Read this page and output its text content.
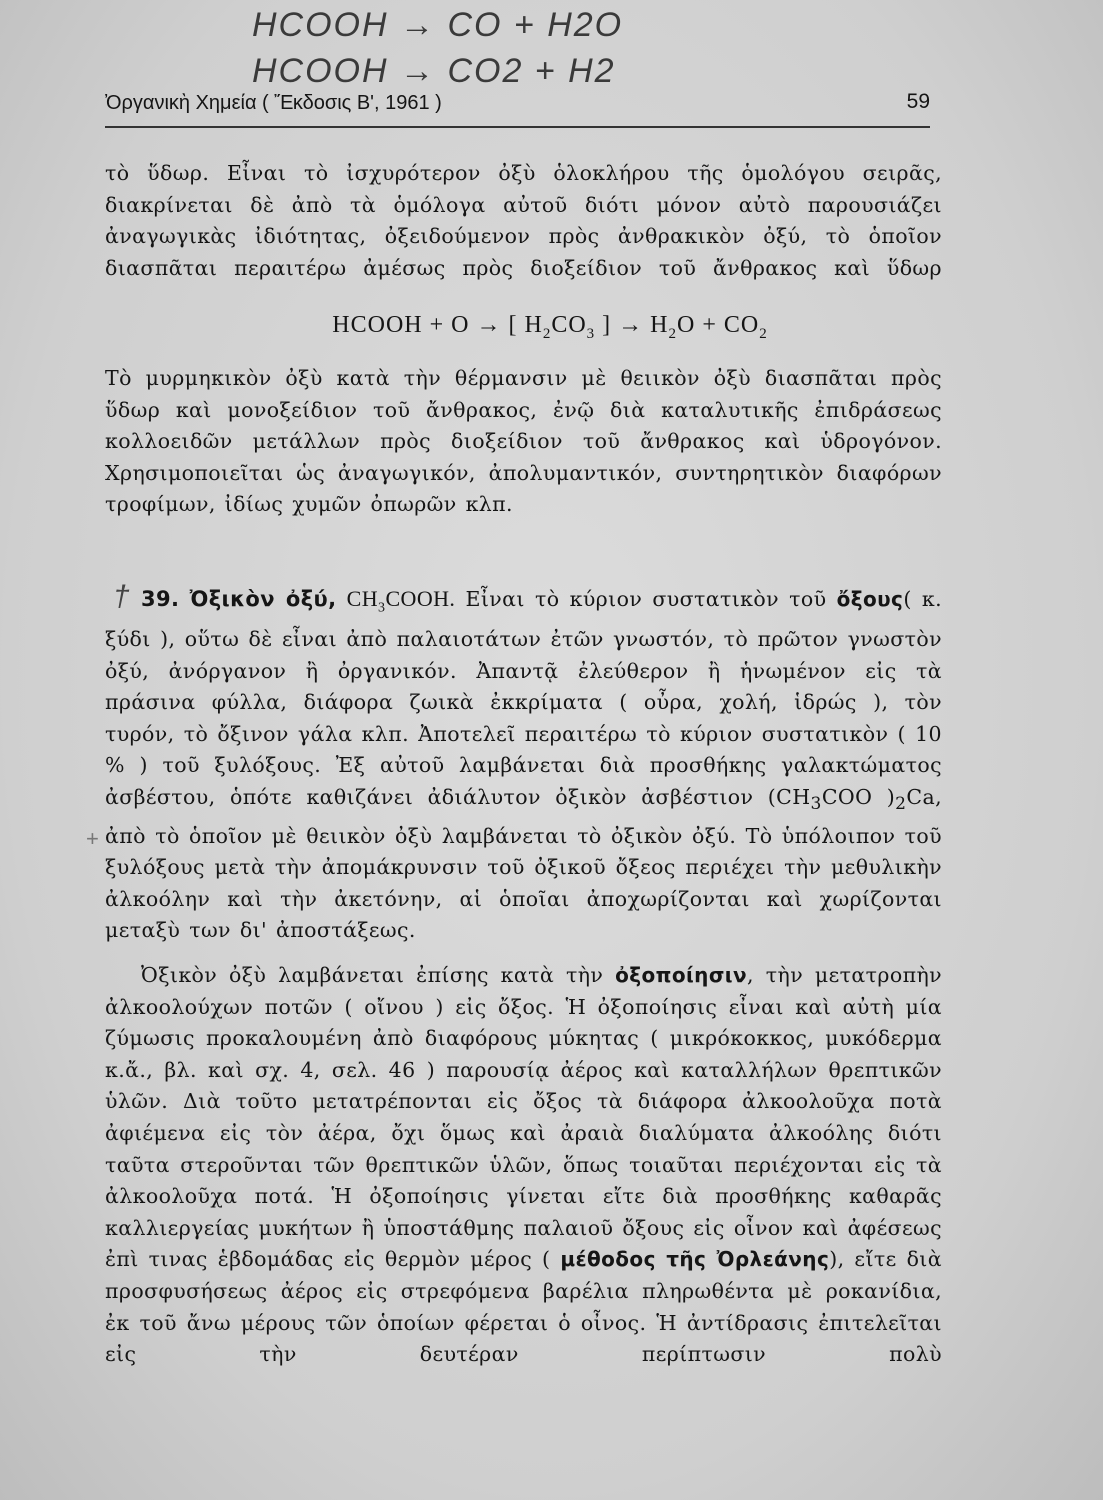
HCOOH → CO + H2O
HCOOH → CO2 + H2
Ὀργανικὴ Χημεία ( Ἔκδοσις Β', 1961 )	59
τὸ ὕδωρ. Εἶναι τὸ ἰσχυρότερον ὀξὺ ὁλοκλήρου τῆς ὁμολόγου σειρᾶς, διακρίνεται δὲ ἀπὸ τὰ ὁμόλογα αὐτοῦ διότι μόνον αὐτὸ παρουσιάζει ἀναγωγικὰς ἰδιότητας, ὀξειδούμενον πρὸς ἀνθρακικὸν ὀξύ, τὸ ὁποῖον διασπᾶται περαιτέρω ἀμέσως πρὸς διοξείδιον τοῦ ἄνθρακος καὶ ὕδωρ
HCOOH + O → [ $H_2CO_3$ ] → $H_2O + CO_2$
Τὸ μυρμηκικὸν ὀξὺ κατὰ τὴν θέρμανσιν μὲ θειικὸν ὀξὺ διασπᾶται πρὸς ὕδωρ καὶ μονοξείδιον τοῦ ἄνθρακος, ἐνῷ διὰ καταλυτικῆς ἐπιδράσεως κολλοειδῶν μετάλλων πρὸς διοξείδιον τοῦ ἄνθρακος καὶ ὑδρογόνον. Χρησιμοποιεῖται ὡς ἀναγωγικόν, ἀπολυμαντικόν, συντηρητικὸν διαφόρων τροφίμων, ἰδίως χυμῶν ὀπωρῶν κλπ.
†
+
39. Ὀξικὸν ὀξύ, $CH_3COOH$. Εἶναι τὸ κύριον συστατικὸν τοῦ ὄξους( κ. ξύδι ), οὕτω δὲ εἶναι ἀπὸ παλαιοτάτων ἐτῶν γνωστόν, τὸ πρῶτον γνωστὸν ὀξύ, ἀνόργανον ἢ ὀργανικόν. Ἀπαντᾷ ἐλεύθερον ἢ ἡνωμένον εἰς τὰ πράσινα φύλλα, διάφορα ζωικὰ ἐκκρίματα ( οὖρα, χολή, ἱδρώς ), τὸν τυρόν, τὸ ὄξινον γάλα κλπ. Ἀποτελεῖ περαιτέρω τὸ κύριον συστατικὸν ( 10 % ) τοῦ ξυλόξους. Ἐξ αὐτοῦ λαμβάνεται διὰ προσθήκης γαλακτώματος ἀσβέστου, ὁπότε καθιζάνει ἀδιάλυτον ὀξικὸν ἀσβέστιον ($CH_3COO$ )$_2Ca$, ἀπὸ τὸ ὁποῖον μὲ θειικὸν ὀξὺ λαμβάνεται τὸ ὀξικὸν ὀξύ. Τὸ ὑπόλοιπον τοῦ ξυλόξους μετὰ τὴν ἀπομάκρυνσιν τοῦ ὀξικοῦ ὄξεος περιέχει τὴν μεθυλικὴν ἀλκοόλην καὶ τὴν ἀκετόνην, αἱ ὁποῖαι ἀποχωρίζονται καὶ χωρίζονται μεταξὺ των δι' ἀποστάξεως.
Ὀξικὸν ὀξὺ λαμβάνεται ἐπίσης κατὰ τὴν ὀξοποίησιν, τὴν μετατροπὴν ἀλκοολούχων ποτῶν ( οἴνου ) εἰς ὄξος. Ἡ ὀξοποίησις εἶναι καὶ αὐτὴ μία ζύμωσις προκαλουμένη ἀπὸ διαφόρους μύκητας ( μικρόκοκκος, μυκόδερμα κ.ἄ., βλ. καὶ σχ. 4, σελ. 46 ) παρουσίᾳ ἀέρος καὶ καταλλήλων θρεπτικῶν ὑλῶν. Διὰ τοῦτο μετατρέπονται εἰς ὄξος τὰ διάφορα ἀλκοολοῦχα ποτὰ ἀφιέμενα εἰς τὸν ἀέρα, ὄχι ὅμως καὶ ἀραιὰ διαλύματα ἀλκοόλης διότι ταῦτα στεροῦνται τῶν θρεπτικῶν ὑλῶν, ὅπως τοιαῦται περιέχονται εἰς τὰ ἀλκοολοῦχα ποτά. Ἡ ὀξοποίησις γίνεται εἴτε διὰ προσθήκης καθαρᾶς καλλιεργείας μυκήτων ἢ ὑποστάθμης παλαιοῦ ὄξους εἰς οἶνον καὶ ἀφέσεως ἐπὶ τινας ἑβδομάδας εἰς θερμὸν μέρος ( μέθοδος τῆς Ὀρλεάνης), εἴτε διὰ προσφυσήσεως ἀέρος εἰς στρεφόμενα βαρέλια πληρωθέντα μὲ ροκανίδια, ἐκ τοῦ ἄνω μέρους τῶν ὁποίων φέρεται ὁ οἶνος. Ἡ ἀντίδρασις ἐπιτελεῖται εἰς τὴν δευτέραν περίπτωσιν πολὺ
